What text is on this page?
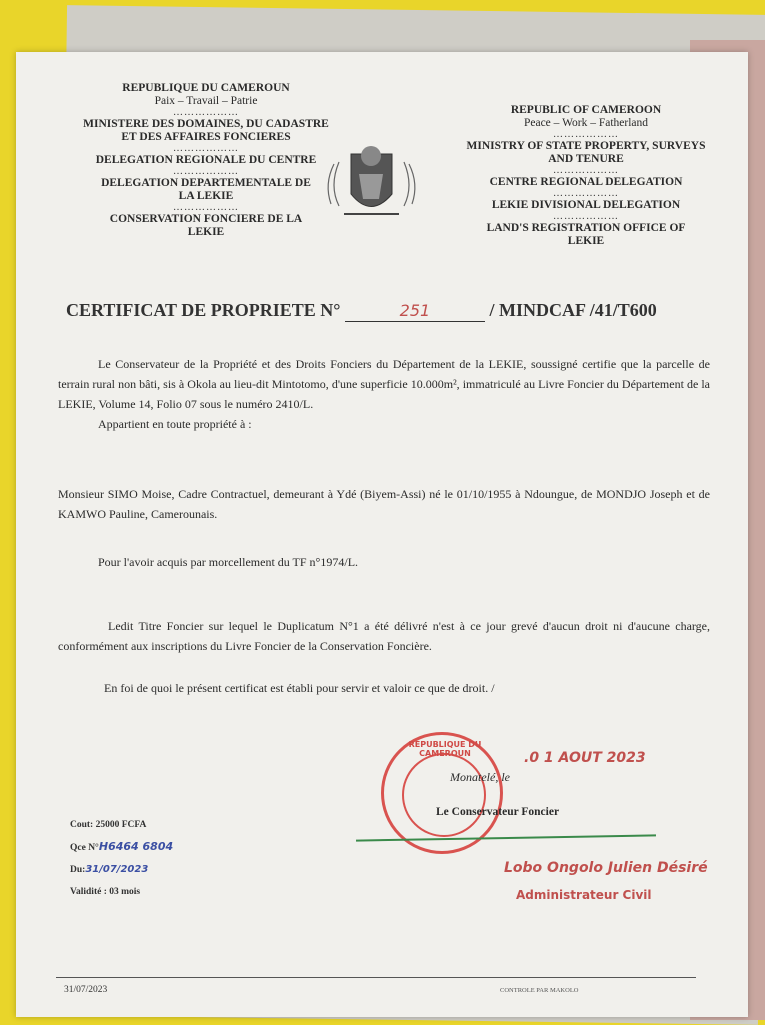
REPUBLIQUE DU CAMEROUN
Paix – Travail – Patrie
………………
MINISTERE DES DOMAINES, DU CADASTRE ET DES AFFAIRES FONCIERES
………………
DELEGATION REGIONALE DU CENTRE
………………
DELEGATION DEPARTEMENTALE DE LA LEKIE
………………
CONSERVATION FONCIERE DE LA LEKIE
REPUBLIC OF CAMEROON
Peace – Work – Fatherland
………………
MINISTRY OF STATE PROPERTY, SURVEYS AND TENURE
………………
CENTRE REGIONAL DELEGATION
………………
LEKIE DIVISIONAL DELEGATION
………………
LAND'S REGISTRATION OFFICE OF LEKIE
CERTIFICAT DE PROPRIETE N°	251	/ MINDCAF /41/T600
Le Conservateur de la Propriété et des Droits Fonciers du Département de la LEKIE, soussigné certifie que la parcelle de terrain rural non bâti, sis à Okola au lieu-dit Mintotomo, d'une superficie 10.000m², immatriculé au Livre Foncier du Département de la LEKIE, Volume 14, Folio 07 sous le numéro 2410/L.
Appartient en toute propriété à :
Monsieur SIMO Moise, Cadre Contractuel, demeurant à Ydé (Biyem-Assi) né le 01/10/1955 à Ndoungue, de MONDJO Joseph et de KAMWO Pauline, Camerounais.
Pour l'avoir acquis par morcellement du TF n°1974/L.
Ledit Titre Foncier sur lequel le Duplicatum N°1 a été délivré n'est à ce jour grevé d'aucun droit ni d'aucune charge, conformément aux inscriptions du Livre Foncier de la Conservation Foncière.
En foi de quoi le présent certificat est établi pour servir et valoir ce que de droit. /
REPUBLIQUE DU CAMEROUN	.0 1 AOUT 2023
Monatelé, le
Le Conservateur Foncier
Lobo Ongolo Julien Désiré
Administrateur Civil
Cout: 25000 FCFA
Qce N°H6464 6804
Du:31/07/2023
Validité : 03 mois
31/07/2023	CONTROLE PAR MAKOLO
